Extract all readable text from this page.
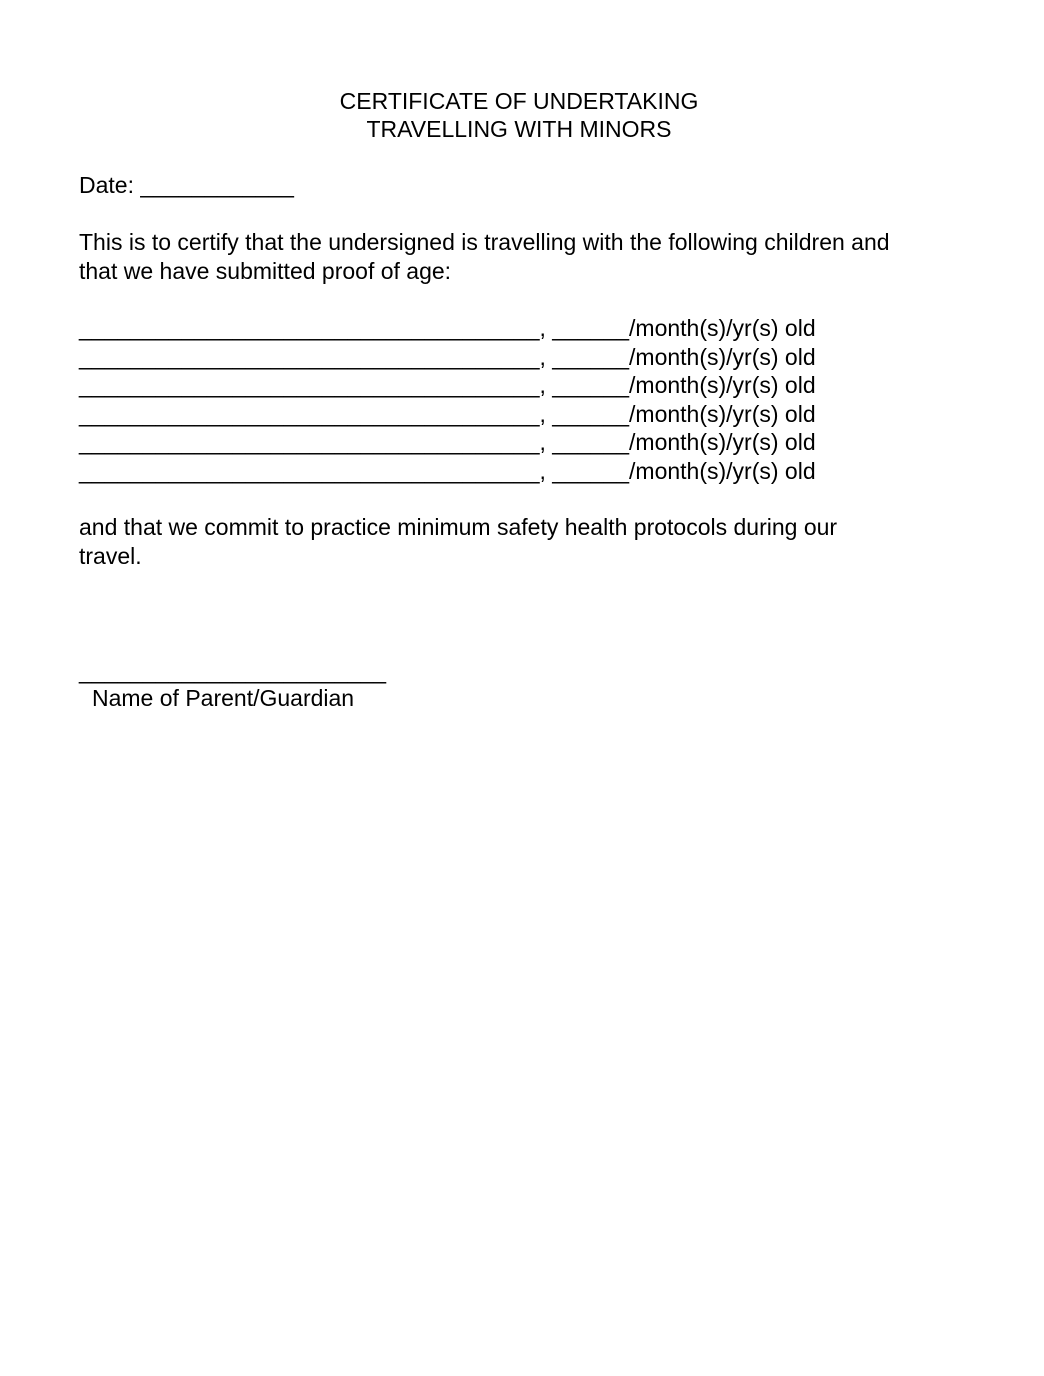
CERTIFICATE OF UNDERTAKING
TRAVELLING WITH MINORS
Date: ____________
This is to certify that the undersigned is travelling with the following children and
that we have submitted proof of age:
____________________________________, ______/month(s)/yr(s) old
____________________________________, ______/month(s)/yr(s) old
____________________________________, ______/month(s)/yr(s) old
____________________________________, ______/month(s)/yr(s) old
____________________________________, ______/month(s)/yr(s) old
____________________________________, ______/month(s)/yr(s) old
and that we commit to practice minimum safety health protocols during our
travel.
________________________
Name of Parent/Guardian
